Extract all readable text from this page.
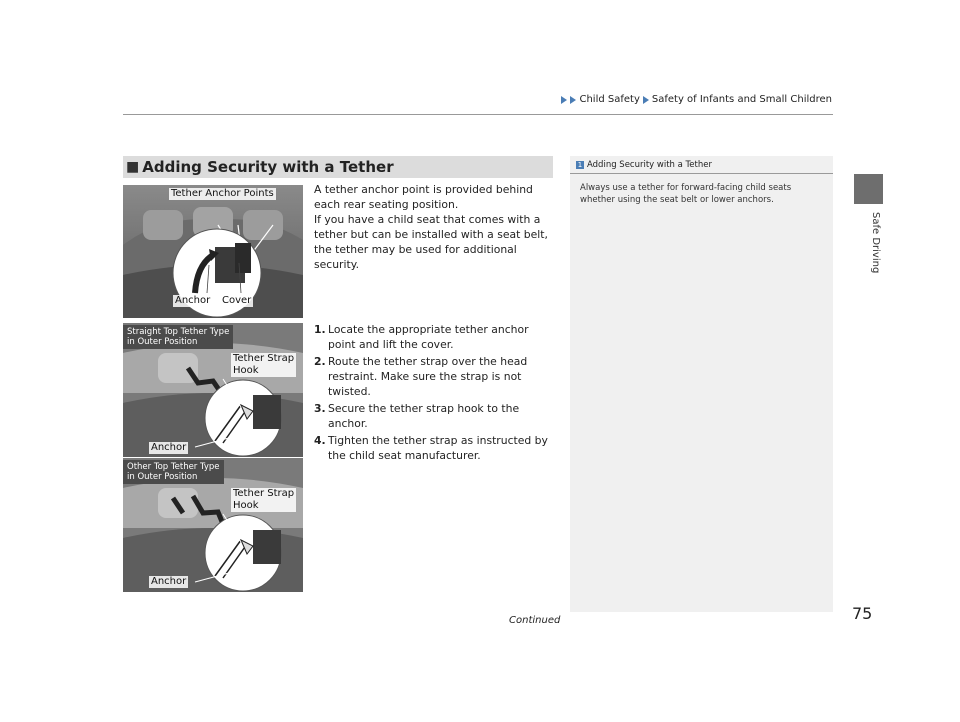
Child Safety Safety of Infants and Small Children
Safe Driving
■ Adding Security with a Tether	1 Adding Security with a Tether
Always use a tether for forward-facing child seats whether using the seat belt or lower anchors.
A tether anchor point is provided behind each rear seating position.
If you have a child seat that comes with a tether but can be installed with a seat belt, the tether may be used for additional security.
1. Locate the appropriate tether anchor point and lift the cover.
2. Route the tether strap over the head restraint. Make sure the strap is not twisted.
3. Secure the tether strap hook to the anchor.
4. Tighten the tether strap as instructed by the child seat manufacturer.
Tether Anchor Points
Anchor Cover
Straight Top Tether Type
in Outer Position
Tether Strap
Hook
Anchor
Other Top Tether Type
in Outer Position
Tether Strap
Hook
Anchor
Continued	75
